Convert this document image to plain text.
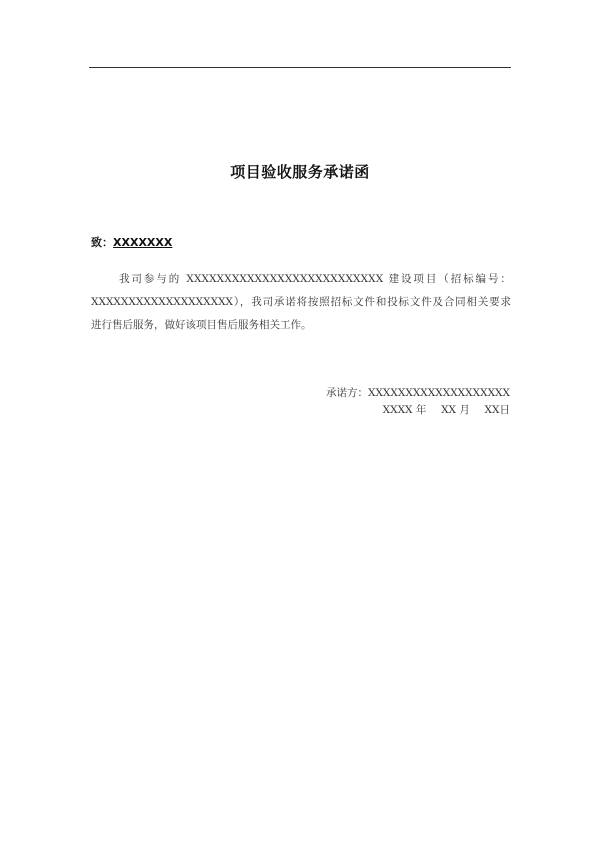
项目验收服务承诺函
致：XXXXXXX
我司参与的 XXXXXXXXXXXXXXXXXXXXXXXXXX 建设项目（招标编号：
XXXXXXXXXXXXXXXXXXX），我司承诺将按照招标文件和投标文件及合同相关要求
进行售后服务，做好该项目售后服务相关工作。
承诺方：XXXXXXXXXXXXXXXXXXX
XXXX 年 XX 月 XX日
